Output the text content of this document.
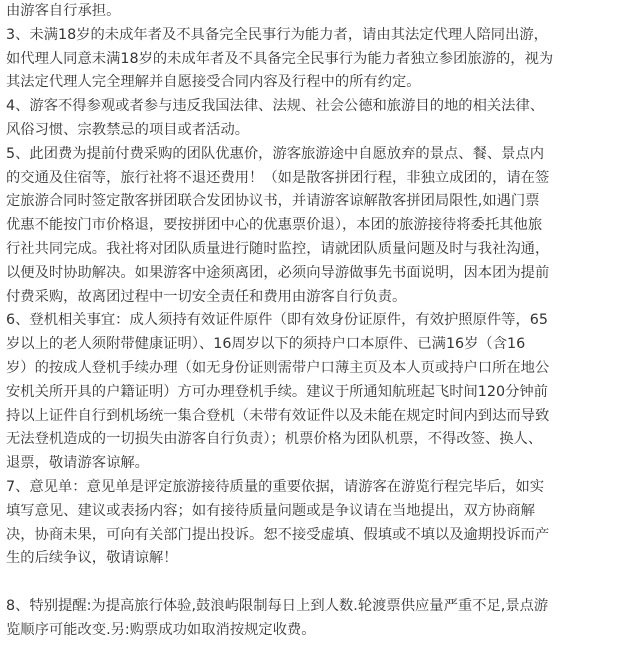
由游客自行承担。
3、未满18岁的未成年者及不具备完全民事行为能力者，请由其法定代理人陪同出游，
如代理人同意未满18岁的未成年者及不具备完全民事行为能力者独立参团旅游的，视为
其法定代理人完全理解并自愿接受合同内容及行程中的所有约定。
4、游客不得参观或者参与违反我国法律、法规、社会公德和旅游目的地的相关法律、
风俗习惯、宗教禁忌的项目或者活动。
5、此团费为提前付费采购的团队优惠价，游客旅游途中自愿放弃的景点、餐、景点内
的交通及住宿等，旅行社将不退还费用！（如是散客拼团行程，非独立成团的，请在签
定旅游合同时签定散客拼团联合发团协议书，并请游客谅解散客拼团局限性,如遇门票
优惠不能按门市价格退，要按拼团中心的优惠票价退），本团的旅游接待将委托其他旅
行社共同完成。我社将对团队质量进行随时监控，请就团队质量问题及时与我社沟通，
以便及时协助解决。如果游客中途须离团，必须向导游做事先书面说明，因本团为提前
付费采购，故离团过程中一切安全责任和费用由游客自行负责。
6、登机相关事宜：成人须持有效证件原件（即有效身份证原件，有效护照原件等，65
岁以上的老人须附带健康证明）、16周岁以下的须持户口本原件、已满16岁（含16
岁）的按成人登机手续办理（如无身份证则需带户口薄主页及本人页或持户口所在地公
安机关所开具的户籍证明）方可办理登机手续。建议于所通知航班起飞时间120分钟前
持以上证件自行到机场统一集合登机（未带有效证件以及未能在规定时间内到达而导致
无法登机造成的一切损失由游客自行负责）；机票价格为团队机票，不得改签、换人、
退票，敬请游客谅解。
7、意见单：意见单是评定旅游接待质量的重要依据，请游客在游览行程完毕后，如实
填写意见、建议或表扬内容；如有接待质量问题或是争议请在当地提出，双方协商解
决，协商未果，可向有关部门提出投诉。恕不接受虚填、假填或不填以及逾期投诉而产
生的后续争议，敬请谅解！
8、特别提醒:为提高旅行体验,鼓浪屿限制每日上到人数.轮渡票供应量严重不足,景点游
览顺序可能改变.另:购票成功如取消按规定收费。
